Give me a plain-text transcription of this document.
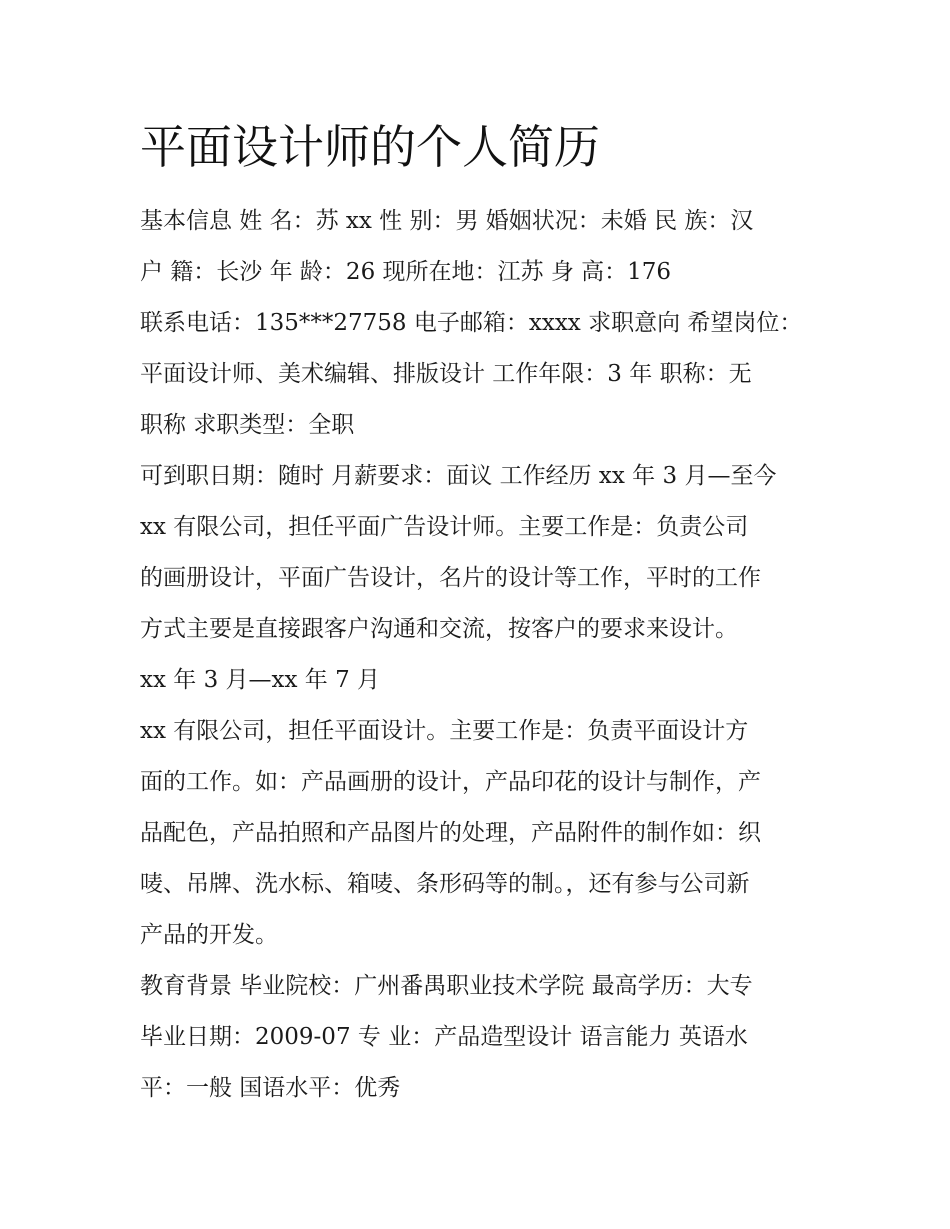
平面设计师的个人简历
基本信息 姓 名：苏 xx 性 别：男 婚姻状况：未婚 民 族：汉
户 籍：长沙 年 龄：26 现所在地：江苏 身 高：176
联系电话：135***27758 电子邮箱：xxxx 求职意向 希望岗位：
平面设计师、美术编辑、排版设计 工作年限：3 年 职称：无
职称 求职类型：全职
可到职日期：随时 月薪要求：面议 工作经历 xx 年 3 月—至今
xx 有限公司，担任平面广告设计师。主要工作是：负责公司
的画册设计，平面广告设计，名片的设计等工作，平时的工作
方式主要是直接跟客户沟通和交流，按客户的要求来设计。
xx 年 3 月—xx 年 7 月
xx 有限公司，担任平面设计。主要工作是：负责平面设计方
面的工作。如：产品画册的设计，产品印花的设计与制作，产
品配色，产品拍照和产品图片的处理，产品附件的制作如：织
唛、吊牌、洗水标、箱唛、条形码等的制。，还有参与公司新
产品的开发。
教育背景 毕业院校：广州番禺职业技术学院 最高学历：大专
毕业日期：2009-07 专 业：产品造型设计 语言能力 英语水
平：一般 国语水平：优秀
